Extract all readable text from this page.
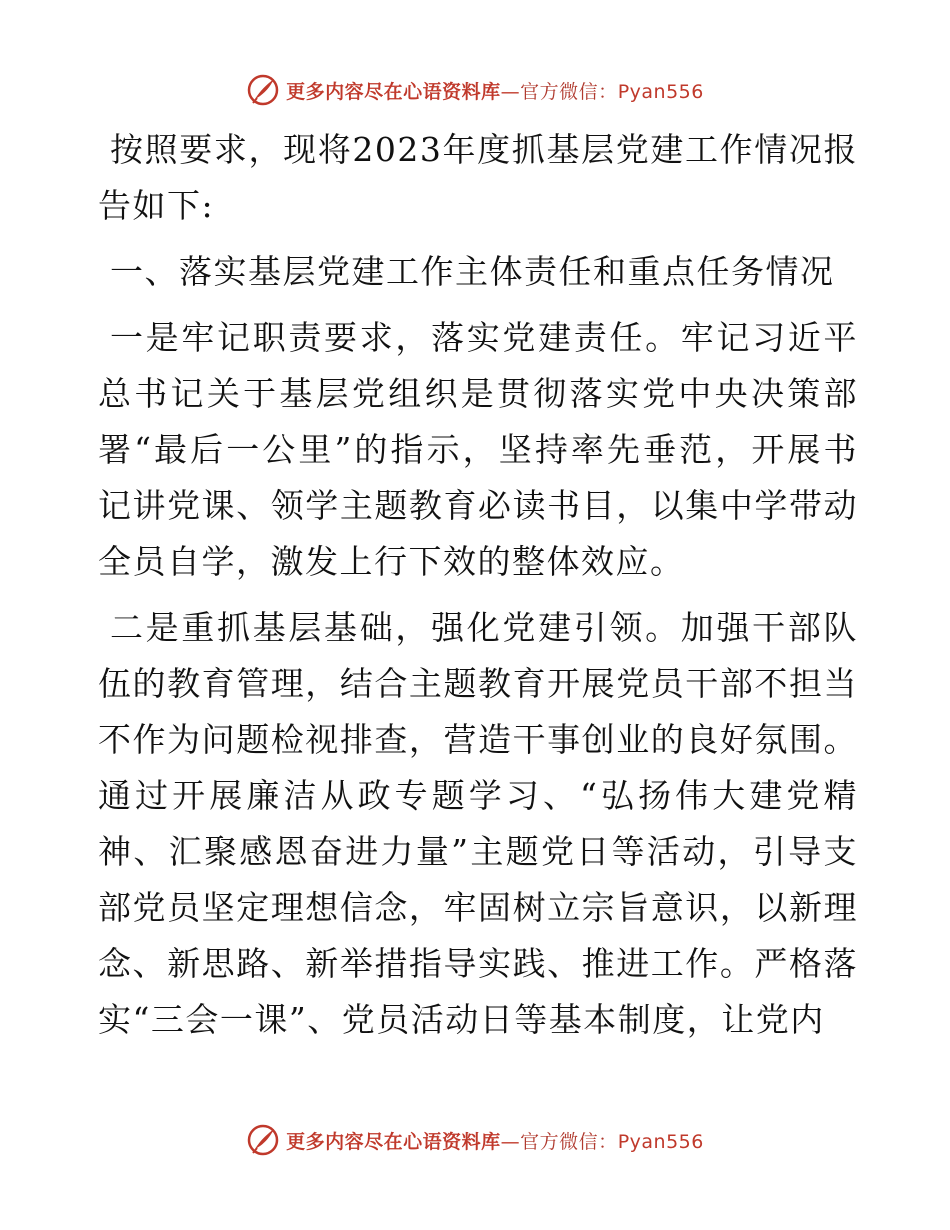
更多内容尽在心语资料库—官方微信：Pyan556

按照要求，现将2023年度抓基层党建工作情况报告如下:

一、落实基层党建工作主体责任和重点任务情况

一是牢记职责要求，落实党建责任。牢记习近平总书记关于基层党组织是贯彻落实党中央决策部署“最后一公里”的指示，坚持率先垂范，开展书记讲党课、领学主题教育必读书目，以集中学带动全员自学，激发上行下效的整体效应。

二是重抓基层基础，强化党建引领。加强干部队伍的教育管理，结合主题教育开展党员干部不担当不作为问题检视排查，营造干事创业的良好氛围。通过开展廉洁从政专题学习、“弘扬伟大建党精神、汇聚感恩奋进力量”主题党日等活动，引导支部党员坚定理想信念，牢固树立宗旨意识，以新理念、新思路、新举措指导实践、推进工作。严格落实“三会一课”、党员活动日等基本制度，让党内

更多内容尽在心语资料库—官方微信：Pyan556
